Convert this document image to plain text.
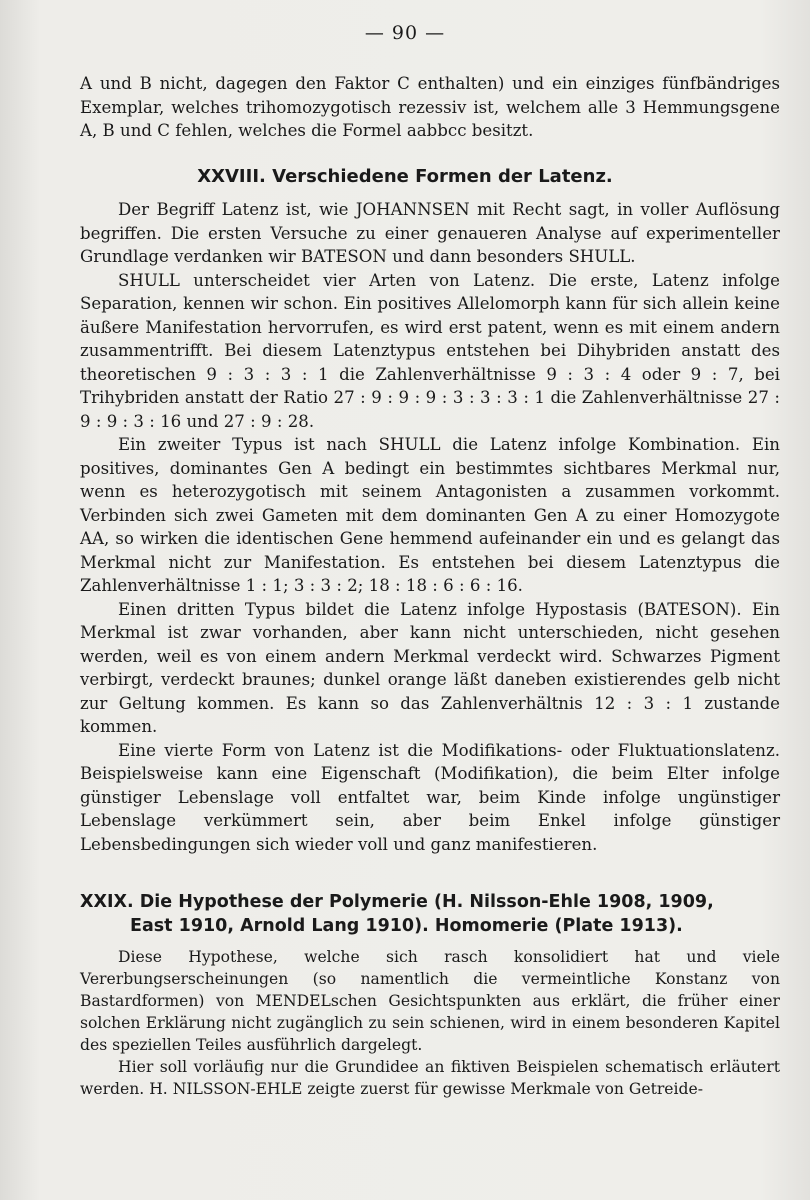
— 90 —

A und B nicht, dagegen den Faktor C enthalten) und ein einziges fünfbändriges Exemplar, welches trihomozygotisch rezessiv ist, welchem alle 3 Hemmungsgene A, B und C fehlen, welches die Formel aabbcc besitzt.

XXVIII. Verschiedene Formen der Latenz.

Der Begriff Latenz ist, wie JOHANNSEN mit Recht sagt, in voller Auflösung begriffen. Die ersten Versuche zu einer genaueren Analyse auf experimenteller Grundlage verdanken wir BATESON und dann besonders SHULL.

SHULL unterscheidet vier Arten von Latenz. Die erste, Latenz infolge Separation, kennen wir schon. Ein positives Allelomorph kann für sich allein keine äußere Manifestation hervorrufen, es wird erst patent, wenn es mit einem andern zusammentrifft. Bei diesem Latenztypus entstehen bei Dihybriden anstatt des theoretischen 9 : 3 : 3 : 1 die Zahlenverhältnisse 9 : 3 : 4 oder 9 : 7, bei Trihybriden anstatt der Ratio 27 : 9 : 9 : 9 : 3 : 3 : 3 : 1 die Zahlenverhältnisse 27 : 9 : 9 : 3 : 16 und 27 : 9 : 28.

Ein zweiter Typus ist nach SHULL die Latenz infolge Kombination. Ein positives, dominantes Gen A bedingt ein bestimmtes sichtbares Merkmal nur, wenn es heterozygotisch mit seinem Antagonisten a zusammen vorkommt. Verbinden sich zwei Gameten mit dem dominanten Gen A zu einer Homozygote AA, so wirken die identischen Gene hemmend aufeinander ein und es gelangt das Merkmal nicht zur Manifestation. Es entstehen bei diesem Latenztypus die Zahlenverhältnisse 1 : 1; 3 : 3 : 2; 18 : 18 : 6 : 6 : 16.

Einen dritten Typus bildet die Latenz infolge Hypostasis (BATESON). Ein Merkmal ist zwar vorhanden, aber kann nicht unterschieden, nicht gesehen werden, weil es von einem andern Merkmal verdeckt wird. Schwarzes Pigment verbirgt, verdeckt braunes; dunkel orange läßt daneben existierendes gelb nicht zur Geltung kommen. Es kann so das Zahlenverhältnis 12 : 3 : 1 zustande kommen.

Eine vierte Form von Latenz ist die Modifikations- oder Fluktuationslatenz. Beispielsweise kann eine Eigenschaft (Modifikation), die beim Elter infolge günstiger Lebenslage voll entfaltet war, beim Kinde infolge ungünstiger Lebenslage verkümmert sein, aber beim Enkel infolge günstiger Lebensbedingungen sich wieder voll und ganz manifestieren.

XXIX. Die Hypothese der Polymerie (H. Nilsson-Ehle 1908, 1909,
East 1910, Arnold Lang 1910). Homomerie (Plate 1913).

Diese Hypothese, welche sich rasch konsolidiert hat und viele Vererbungserscheinungen (so namentlich die vermeintliche Konstanz von Bastardformen) von MENDELschen Gesichtspunkten aus erklärt, die früher einer solchen Erklärung nicht zugänglich zu sein schienen, wird in einem besonderen Kapitel des speziellen Teiles ausführlich dargelegt.

Hier soll vorläufig nur die Grundidee an fiktiven Beispielen schematisch erläutert werden. H. NILSSON-EHLE zeigte zuerst für gewisse Merkmale von Getreide-
